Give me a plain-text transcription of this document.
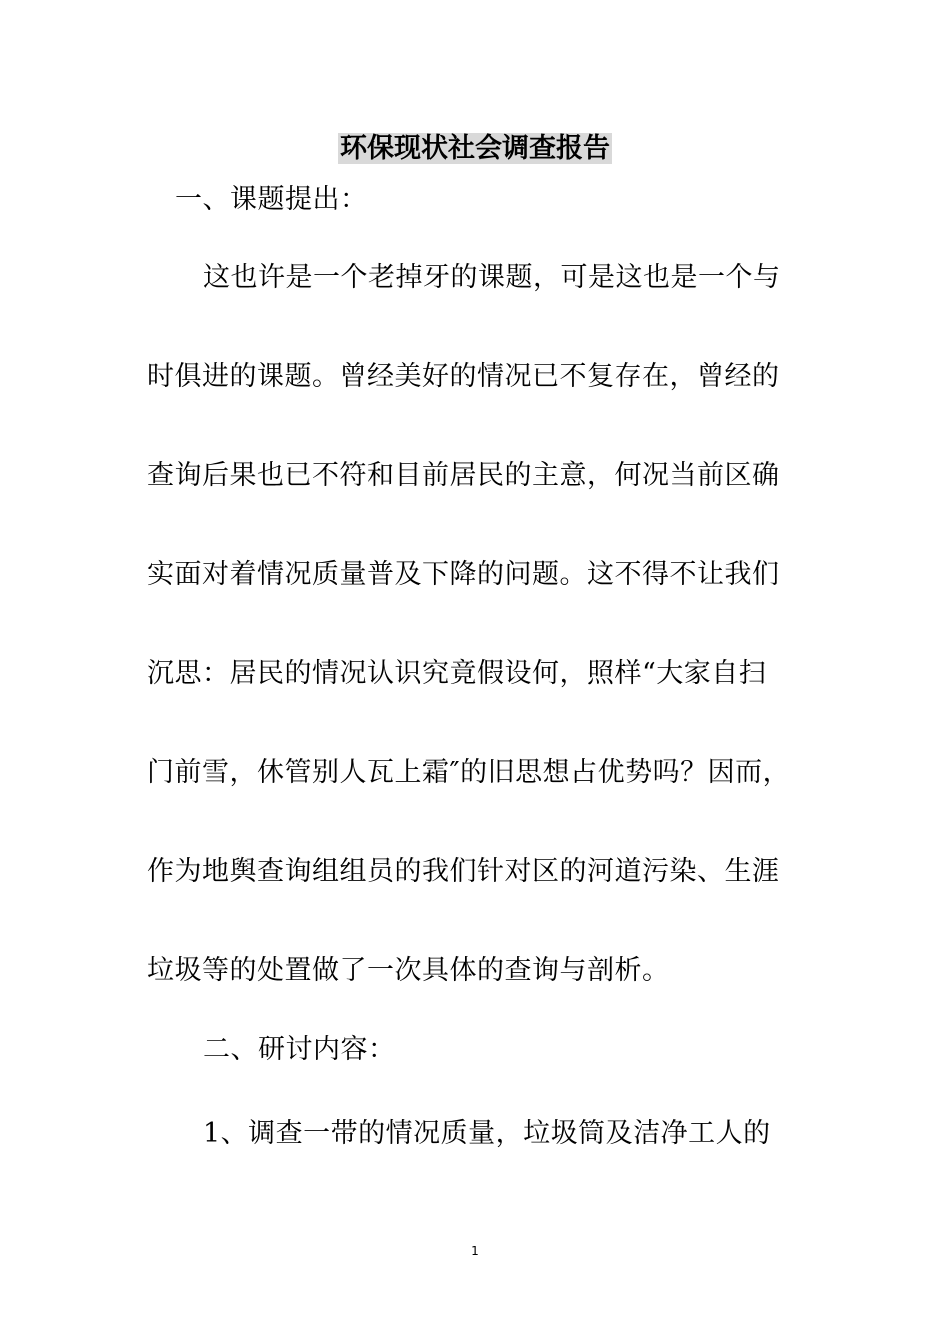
环保现状社会调查报告
一、课题提出：
这也许是一个老掉牙的课题，可是这也是一个与
时俱进的课题。曾经美好的情况已不复存在，曾经的
查询后果也已不符和目前居民的主意，何况当前区确
实面对着情况质量普及下降的问题。这不得不让我们
沉思：居民的情况认识究竟假设何，照样“大家自扫
门前雪，休管别人瓦上霜″的旧思想占优势吗？因而，
作为地舆查询组组员的我们针对区的河道污染、生涯
垃圾等的处置做了一次具体的查询与剖析。
二、研讨内容：
1、调查一带的情况质量，垃圾筒及洁净工人的
1
